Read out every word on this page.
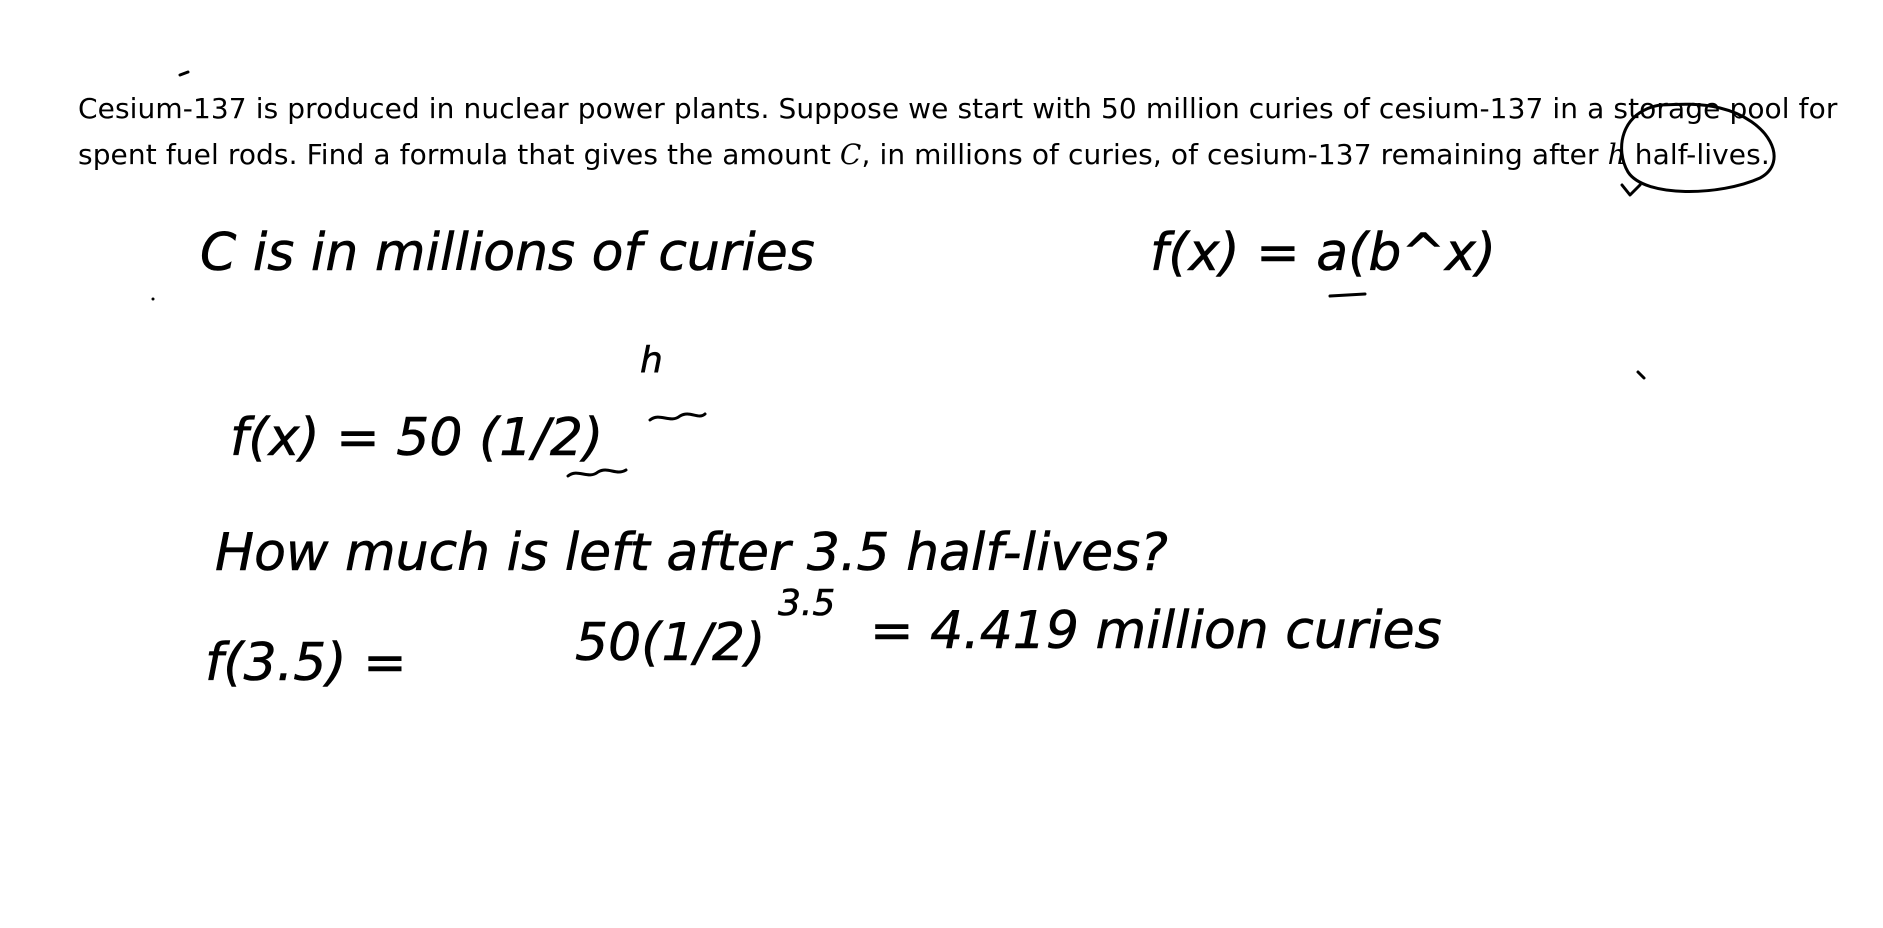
Cesium-137 is produced in nuclear power plants. Suppose we start with 50 million curies of cesium-137 in a storage pool for
spent fuel rods. Find a formula that gives the amount C, in millions of curies, of cesium-137 remaining after h half-lives.
C is in millions of curies	f(x) = a(b^x)
h
f(x) = 50 (1/2)
How much is left after 3.5 half-lives?
f(3.5) =	50(1/2)
3.5 = 4.419 million curies
